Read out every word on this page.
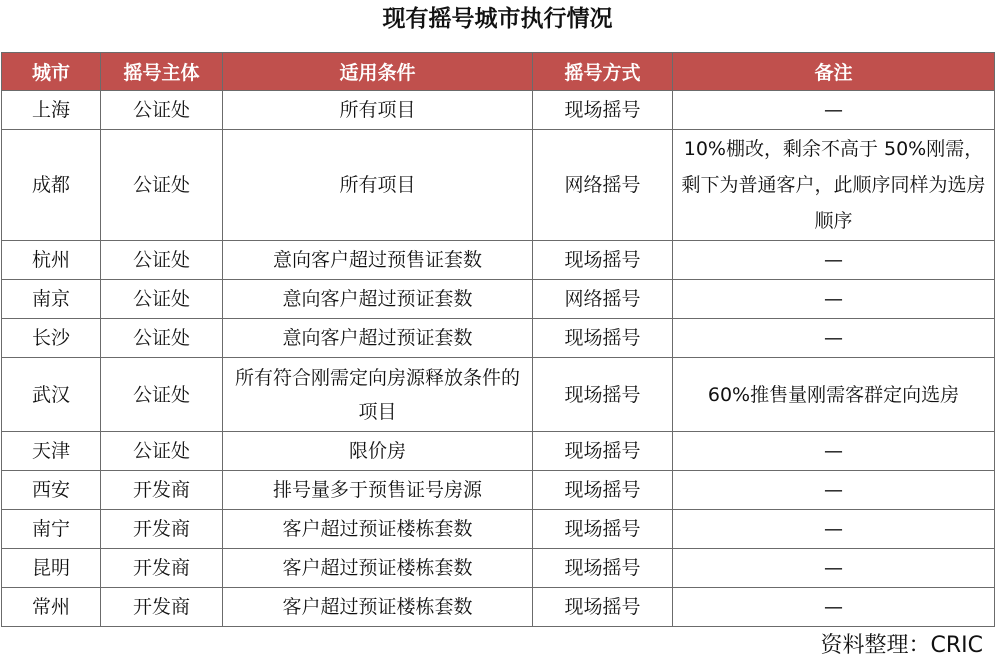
现有摇号城市执行情况
城市	摇号主体	适用条件	摇号方式	备注
上海	公证处	所有项目	现场摇号	—
成都	公证处	所有项目	网络摇号	10%棚改，剩余不高于 50%刚需，剩下为普通客户，此顺序同样为选房顺序
杭州	公证处	意向客户超过预售证套数	现场摇号	—
南京	公证处	意向客户超过预证套数	网络摇号	—
长沙	公证处	意向客户超过预证套数	现场摇号	—
武汉	公证处	所有符合刚需定向房源释放条件的项目	现场摇号	60%推售量刚需客群定向选房
天津	公证处	限价房	现场摇号	—
西安	开发商	排号量多于预售证号房源	现场摇号	—
南宁	开发商	客户超过预证楼栋套数	现场摇号	—
昆明	开发商	客户超过预证楼栋套数	现场摇号	—
常州	开发商	客户超过预证楼栋套数	现场摇号	—
资料整理：CRIC
